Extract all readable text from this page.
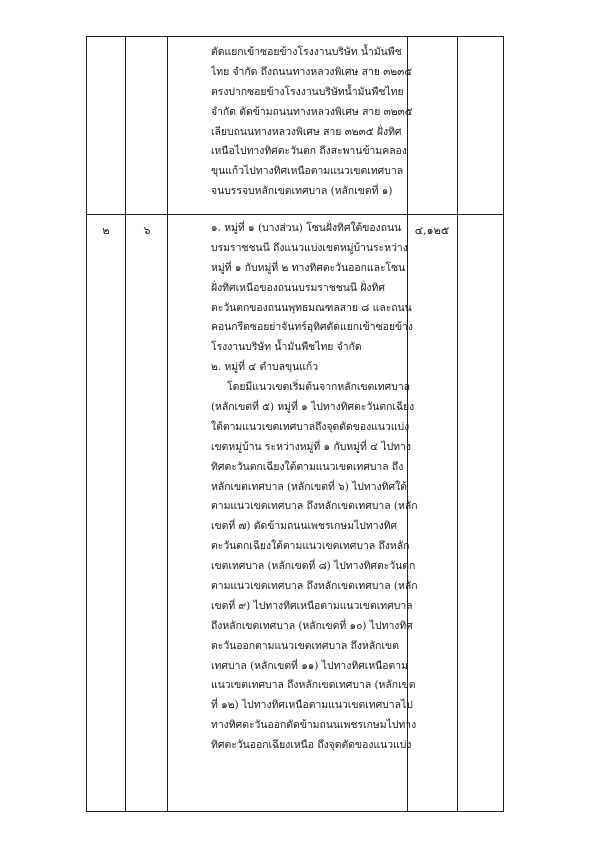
ตัดแยกเข้าซอยข้างโรงงานบริษัท น้ำมันพืช
ไทย จำกัด ถึงถนนทางหลวงพิเศษ สาย ๓๒๓๕
ตรงปากซอยข้างโรงงานบริษัทน้ำมันพืชไทย
จำกัด ตัดข้ามถนนทางหลวงพิเศษ สาย ๓๒๓๕
เลียบถนนทางหลวงพิเศษ สาย ๓๒๓๕ ฝั่งทิศ
เหนือไปทางทิศตะวันตก ถึงสะพานข้ามคลอง
ขุนแก้วไปทางทิศเหนือตามแนวเขตเทศบาล
จนบรรจบหลักเขตเทศบาล (หลักเขตที่ ๑)
๒	๖	๔,๑๒๕
๑. หมู่ที่ ๑ (บางส่วน) โซนฝั่งทิศใต้ของถนน
บรมราชชนนี ถึงแนวแบ่งเขตหมู่บ้านระหว่าง
หมู่ที่ ๑ กับหมู่ที่ ๒ ทางทิศตะวันออกและโซน
ฝั่งทิศเหนือของถนนบรมราชชนนี ฝั่งทิศ
ตะวันตกของถนนพุทธมณฑลสาย ๘ และถนน
คอนกรีตซอยย่าจันทร์อุทิศตัดแยกเข้าซอยข้าง
โรงงานบริษัท น้ำมันพืชไทย จำกัด
๒. หมู่ที่ ๔ ตำบลขุนแก้ว
โดยมีแนวเขตเริ่มต้นจากหลักเขตเทศบาล
(หลักเขตที่ ๕) หมู่ที่ ๑ ไปทางทิศตะวันตกเฉียง
ใต้ตามแนวเขตเทศบาลถึงจุดตัดของแนวแบ่ง
เขตหมู่บ้าน ระหว่างหมู่ที่ ๑ กับหมู่ที่ ๔ ไปทาง
ทิศตะวันตกเฉียงใต้ตามแนวเขตเทศบาล ถึง
หลักเขตเทศบาล (หลักเขตที่ ๖) ไปทางทิศใต้
ตามแนวเขตเทศบาล ถึงหลักเขตเทศบาล (หลัก
เขตที่ ๗) ตัดข้ามถนนเพชรเกษมไปทางทิศ
ตะวันตกเฉียงใต้ตามแนวเขตเทศบาล ถึงหลัก
เขตเทศบาล (หลักเขตที่ ๘) ไปทางทิศตะวันตก
ตามแนวเขตเทศบาล ถึงหลักเขตเทศบาล (หลัก
เขตที่ ๙) ไปทางทิศเหนือตามแนวเขตเทศบาล
ถึงหลักเขตเทศบาล (หลักเขตที่ ๑๐) ไปทางทิศ
ตะวันออกตามแนวเขตเทศบาล ถึงหลักเขต
เทศบาล (หลักเขตที่ ๑๑) ไปทางทิศเหนือตาม
แนวเขตเทศบาล ถึงหลักเขตเทศบาล (หลักเขต
ที่ ๑๒) ไปทางทิศเหนือตามแนวเขตเทศบาลไป
ทางทิศตะวันออกตัดข้ามถนนเพชรเกษมไปทาง
ทิศตะวันออกเฉียงเหนือ ถึงจุดตัดของแนวแบ่ง
